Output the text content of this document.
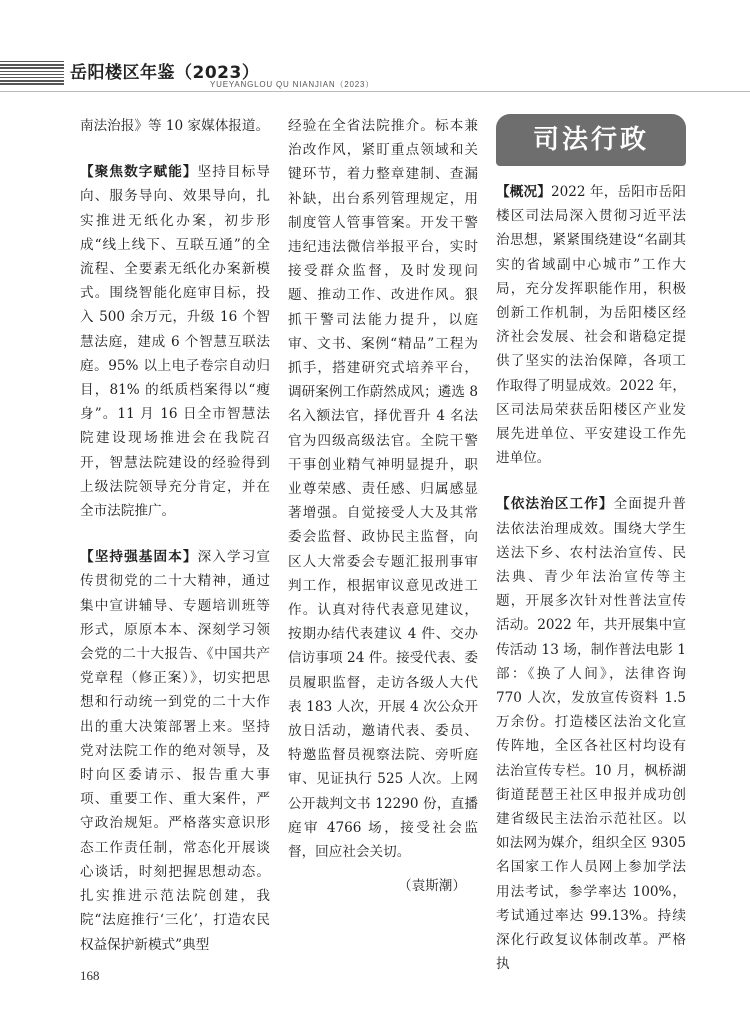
岳阳楼区年鉴（2023）
YUEYANGLOU QU NIANJIAN（2023）

南法治报》等 10 家媒体报道。

【聚焦数字赋能】坚持目标导向、服务导向、效果导向，扎实推进无纸化办案，初步形成“线上线下、互联互通”的全流程、全要素无纸化办案新模式。围绕智能化庭审目标，投入 500 余万元，升级 16 个智慧法庭，建成 6 个智慧互联法庭。95% 以上电子卷宗自动归目，81% 的纸质档案得以“瘦身”。11 月 16 日全市智慧法院建设现场推进会在我院召开，智慧法院建设的经验得到上级法院领导充分肯定，并在全市法院推广。

【坚持强基固本】深入学习宣传贯彻党的二十大精神，通过集中宣讲辅导、专题培训班等形式，原原本本、深刻学习领会党的二十大报告、《中国共产党章程（修正案）》，切实把思想和行动统一到党的二十大作出的重大决策部署上来。坚持党对法院工作的绝对领导，及时向区委请示、报告重大事项、重要工作、重大案件，严守政治规矩。严格落实意识形态工作责任制，常态化开展谈心谈话，时刻把握思想动态。扎实推进示范法院创建，我院“法庭推行‘三化’，打造农民权益保护新模式”典型

经验在全省法院推介。标本兼治改作风，紧盯重点领域和关键环节，着力整章建制、查漏补缺，出台系列管理规定，用制度管人管事管案。开发干警违纪违法微信举报平台，实时接受群众监督，及时发现问题、推动工作、改进作风。狠抓干警司法能力提升，以庭审、文书、案例“精品”工程为抓手，搭建研究式培养平台，调研案例工作蔚然成风；遴选 8 名入额法官，择优晋升 4 名法官为四级高级法官。全院干警干事创业精气神明显提升，职业尊荣感、责任感、归属感显著增强。自觉接受人大及其常委会监督、政协民主监督，向区人大常委会专题汇报刑事审判工作，根据审议意见改进工作。认真对待代表意见建议，按期办结代表建议 4 件、交办信访事项 24 件。接受代表、委员履职监督，走访各级人大代表 183 人次，开展 4 次公众开放日活动，邀请代表、委员、特邀监督员视察法院、旁听庭审、见证执行 525 人次。上网公开裁判文书 12290 份，直播庭审 4766 场，接受社会监督，回应社会关切。

（袁斯潮）

司法行政

【概况】2022 年，岳阳市岳阳楼区司法局深入贯彻习近平法治思想，紧紧围绕建设“名副其实的省域副中心城市”工作大局，充分发挥职能作用，积极创新工作机制，为岳阳楼区经济社会发展、社会和谐稳定提供了坚实的法治保障，各项工作取得了明显成效。2022 年，区司法局荣获岳阳楼区产业发展先进单位、平安建设工作先进单位。

【依法治区工作】全面提升普法依法治理成效。围绕大学生送法下乡、农村法治宣传、民法典、青少年法治宣传等主题，开展多次针对性普法宣传活动。2022 年，共开展集中宣传活动 13 场，制作普法电影 1 部：《换了人间》，法律咨询 770 人次，发放宣传资料 1.5 万余份。打造楼区法治文化宣传阵地，全区各社区村均设有法治宣传专栏。10 月，枫桥湖街道琵琶王社区申报并成功创建省级民主法治示范社区。以如法网为媒介，组织全区 9305 名国家工作人员网上参加学法用法考试，参学率达 100%，考试通过率达 99.13%。持续深化行政复议体制改革。严格执

168
